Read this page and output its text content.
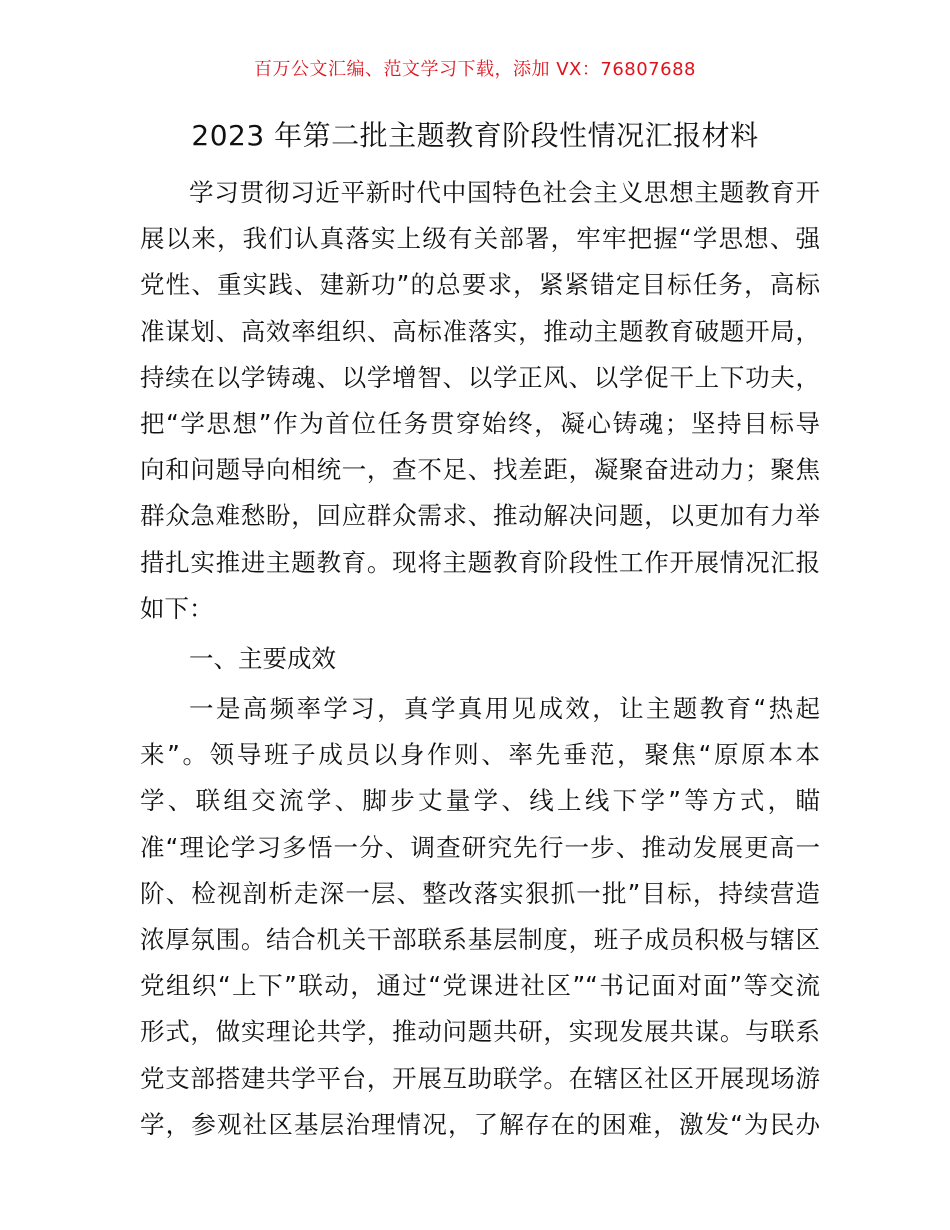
百万公文汇编、范文学习下载，添加 VX：76807688
2023 年第二批主题教育阶段性情况汇报材料
学习贯彻习近平新时代中国特色社会主义思想主题教育开
展以来，我们认真落实上级有关部署，牢牢把握“学思想、强
党性、重实践、建新功”的总要求，紧紧错定目标任务，高标
准谋划、高效率组织、高标准落实，推动主题教育破题开局，
持续在以学铸魂、以学增智、以学正风、以学促干上下功夫，
把“学思想”作为首位任务贯穿始终，凝心铸魂；坚持目标导
向和问题导向相统一，查不足、找差距，凝聚奋进动力；聚焦
群众急难愁盼，回应群众需求、推动解决问题，以更加有力举
措扎实推进主题教育。现将主题教育阶段性工作开展情况汇报
如下：
一、主要成效
一是高频率学习，真学真用见成效，让主题教育“热起
来”。领导班子成员以身作则、率先垂范，聚焦“原原本本
学、联组交流学、脚步丈量学、线上线下学”等方式，瞄
准“理论学习多悟一分、调查研究先行一步、推动发展更高一
阶、检视剖析走深一层、整改落实狠抓一批”目标，持续营造
浓厚氛围。结合机关干部联系基层制度，班子成员积极与辖区
党组织“上下”联动，通过“党课进社区”“书记面对面”等交流
形式，做实理论共学，推动问题共研，实现发展共谋。与联系
党支部搭建共学平台，开展互助联学。在辖区社区开展现场游
学，参观社区基层治理情况，了解存在的困难，激发“为民办
